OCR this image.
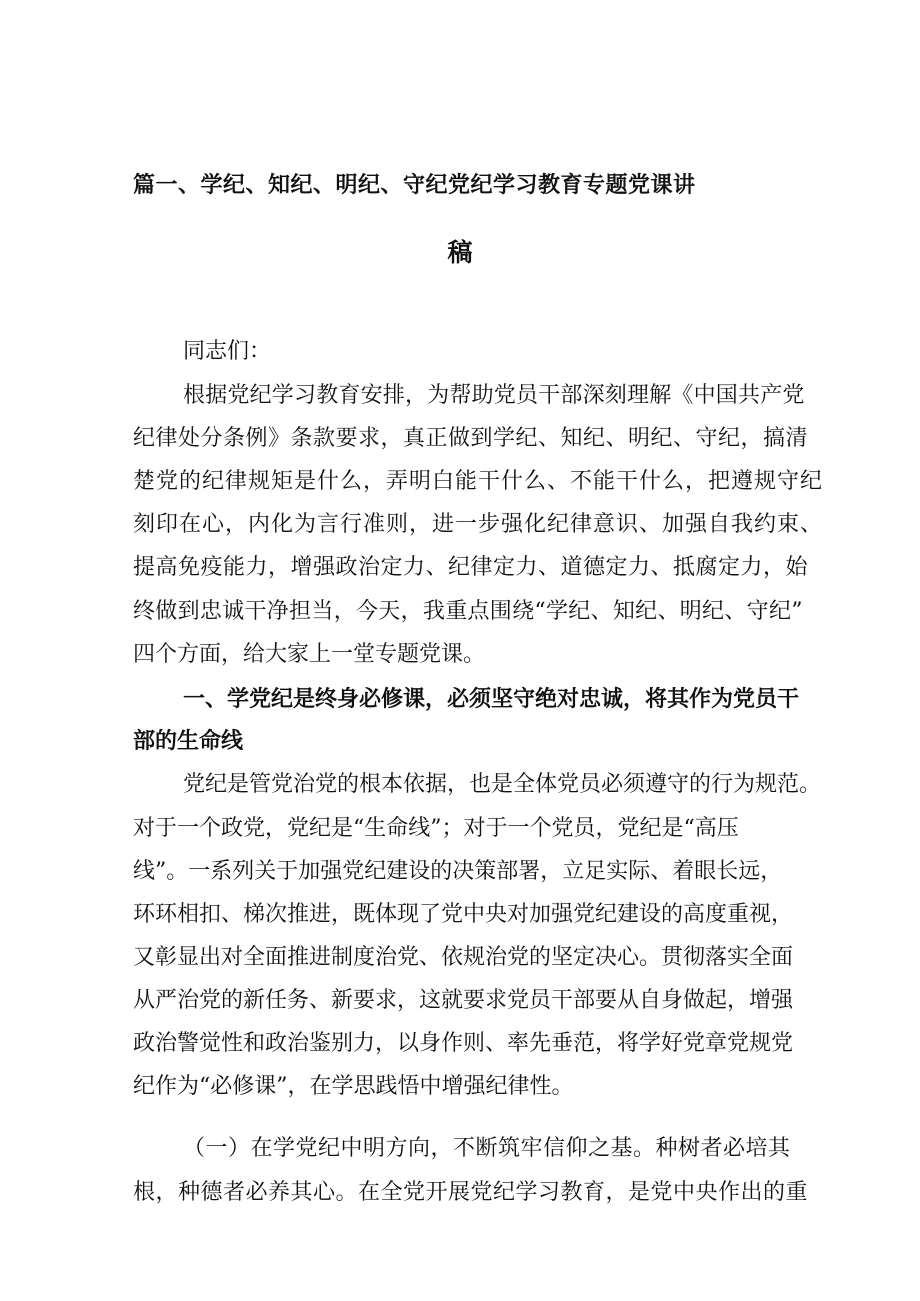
篇一、学纪、知纪、明纪、守纪党纪学习教育专题党课讲
稿
同志们：
根据党纪学习教育安排，为帮助党员干部深刻理解《中国共产党
纪律处分条例》条款要求，真正做到学纪、知纪、明纪、守纪，搞清
楚党的纪律规矩是什么，弄明白能干什么、不能干什么，把遵规守纪
刻印在心，内化为言行准则，进一步强化纪律意识、加强自我约束、
提高免疫能力，增强政治定力、纪律定力、道德定力、抵腐定力，始
终做到忠诚干净担当，今天，我重点围绕“学纪、知纪、明纪、守纪”
四个方面，给大家上一堂专题党课。
一、学党纪是终身必修课，必须坚守绝对忠诚，将其作为党员干
部的生命线
党纪是管党治党的根本依据，也是全体党员必须遵守的行为规范。
对于一个政党，党纪是“生命线”；对于一个党员，党纪是“高压
线”。一系列关于加强党纪建设的决策部署，立足实际、着眼长远，
环环相扣、梯次推进，既体现了党中央对加强党纪建设的高度重视，
又彰显出对全面推进制度治党、依规治党的坚定决心。贯彻落实全面
从严治党的新任务、新要求，这就要求党员干部要从自身做起，增强
政治警觉性和政治鉴别力，以身作则、率先垂范，将学好党章党规党
纪作为“必修课”，在学思践悟中增强纪律性。
（一）在学党纪中明方向，不断筑牢信仰之基。种树者必培其
根，种德者必养其心。在全党开展党纪学习教育，是党中央作出的重
